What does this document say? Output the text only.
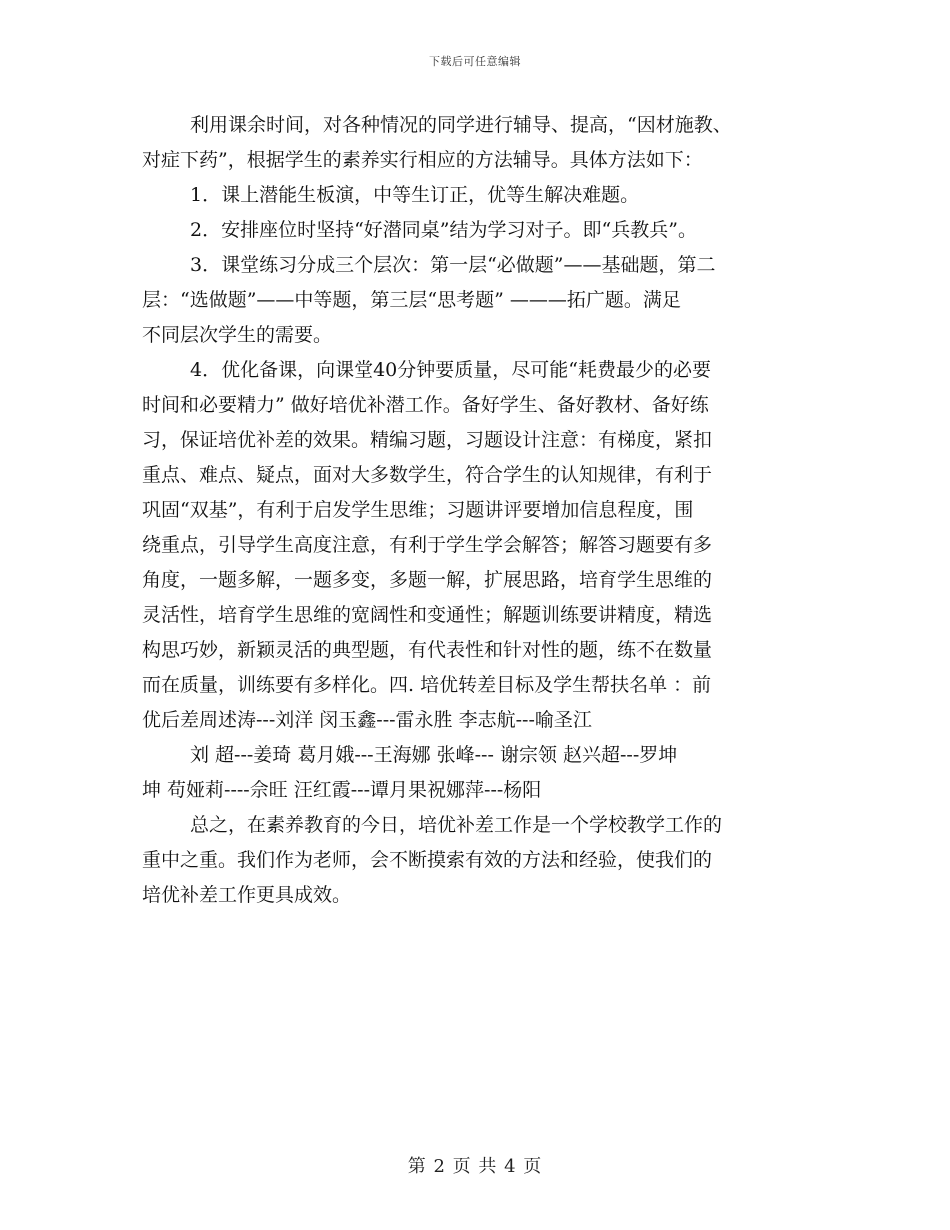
下载后可任意编辑
利用课余时间，对各种情况的同学进行辅导、提高，“因材施教、
对症下药”，根据学生的素养实行相应的方法辅导。具体方法如下：
1．课上潜能生板演，中等生订正，优等生解决难题。
2．安排座位时坚持“好潜同桌”结为学习对子。即“兵教兵”。
3．课堂练习分成三个层次：第一层“必做题”——基础题，第二
层：“选做题”——中等题，第三层“思考题” ———拓广题。满足
不同层次学生的需要。
4．优化备课，向课堂40分钟要质量，尽可能“耗费最少的必要
时间和必要精力” 做好培优补潜工作。备好学生、备好教材、备好练
习，保证培优补差的效果。精编习题，习题设计注意：有梯度，紧扣
重点、难点、疑点，面对大多数学生，符合学生的认知规律，有利于
巩固“双基”，有利于启发学生思维；习题讲评要增加信息程度，围
绕重点，引导学生高度注意，有利于学生学会解答；解答习题要有多
角度，一题多解，一题多变，多题一解，扩展思路，培育学生思维的
灵活性，培育学生思维的宽阔性和变通性；解题训练要讲精度，精选
构思巧妙，新颖灵活的典型题，有代表性和针对性的题，练不在数量
而在质量，训练要有多样化。四. 培优转差目标及学生帮扶名单 ：前
优后差周述涛---刘洋 闵玉鑫---雷永胜 李志航---喻圣江
刘 超---姜琦 葛月娥---王海娜 张峰--- 谢宗领 赵兴超---罗坤
坤 苟娅莉----佘旺 汪红霞---谭月果祝娜萍---杨阳
总之，在素养教育的今日，培优补差工作是一个学校教学工作的
重中之重。我们作为老师，会不断摸索有效的方法和经验，使我们的
培优补差工作更具成效。
第 2 页 共 4 页
